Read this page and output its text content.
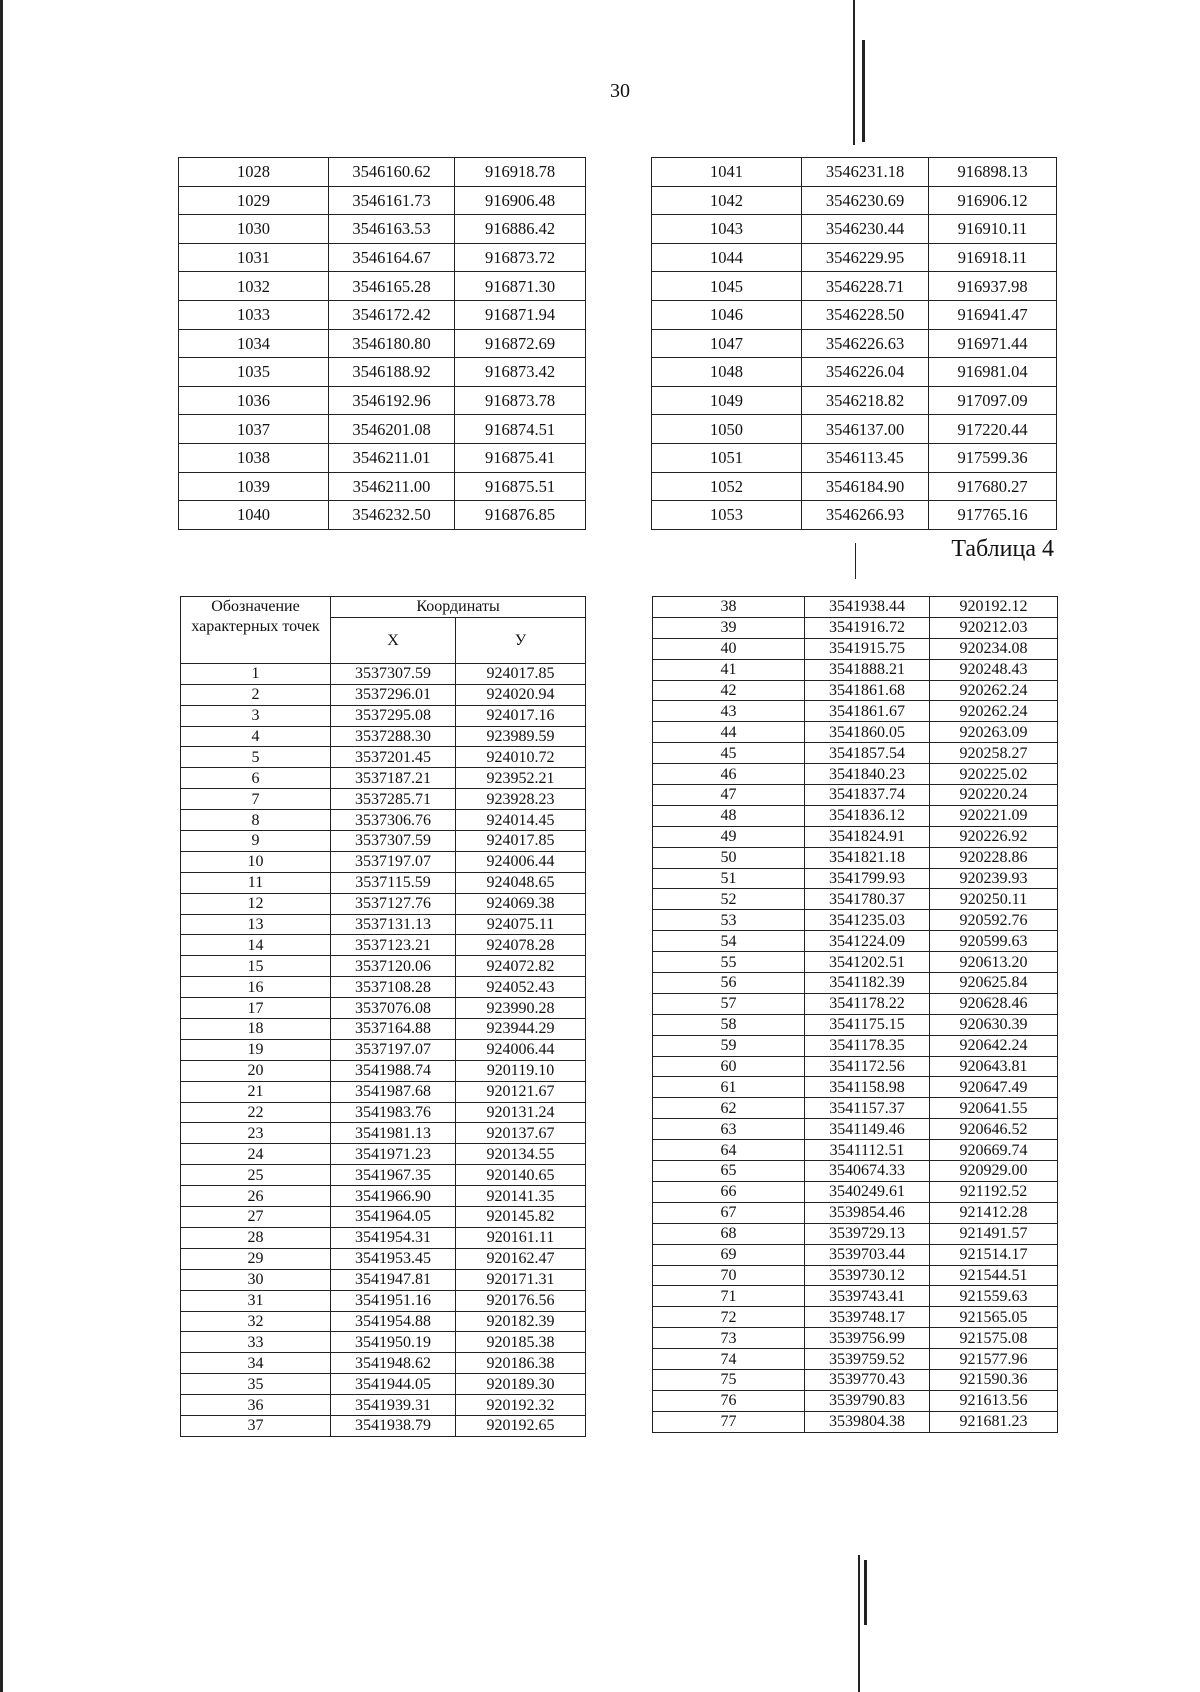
30
1028	3546160.62	916918.78
1029	3546161.73	916906.48
1030	3546163.53	916886.42
1031	3546164.67	916873.72
1032	3546165.28	916871.30
1033	3546172.42	916871.94
1034	3546180.80	916872.69
1035	3546188.92	916873.42
1036	3546192.96	916873.78
1037	3546201.08	916874.51
1038	3546211.01	916875.41
1039	3546211.00	916875.51
1040	3546232.50	916876.85
1041	3546231.18	916898.13
1042	3546230.69	916906.12
1043	3546230.44	916910.11
1044	3546229.95	916918.11
1045	3546228.71	916937.98
1046	3546228.50	916941.47
1047	3546226.63	916971.44
1048	3546226.04	916981.04
1049	3546218.82	917097.09
1050	3546137.00	917220.44
1051	3546113.45	917599.36
1052	3546184.90	917680.27
1053	3546266.93	917765.16
Таблица 4
Обозначение характерных точек	Координаты	
	X	У
1	3537307.59	924017.85
2	3537296.01	924020.94
3	3537295.08	924017.16
4	3537288.30	923989.59
5	3537201.45	924010.72
6	3537187.21	923952.21
7	3537285.71	923928.23
8	3537306.76	924014.45
9	3537307.59	924017.85
10	3537197.07	924006.44
11	3537115.59	924048.65
12	3537127.76	924069.38
13	3537131.13	924075.11
14	3537123.21	924078.28
15	3537120.06	924072.82
16	3537108.28	924052.43
17	3537076.08	923990.28
18	3537164.88	923944.29
19	3537197.07	924006.44
20	3541988.74	920119.10
21	3541987.68	920121.67
22	3541983.76	920131.24
23	3541981.13	920137.67
24	3541971.23	920134.55
25	3541967.35	920140.65
26	3541966.90	920141.35
27	3541964.05	920145.82
28	3541954.31	920161.11
29	3541953.45	920162.47
30	3541947.81	920171.31
31	3541951.16	920176.56
32	3541954.88	920182.39
33	3541950.19	920185.38
34	3541948.62	920186.38
35	3541944.05	920189.30
36	3541939.31	920192.32
37	3541938.79	920192.65
38	3541938.44	920192.12
39	3541916.72	920212.03
40	3541915.75	920234.08
41	3541888.21	920248.43
42	3541861.68	920262.24
43	3541861.67	920262.24
44	3541860.05	920263.09
45	3541857.54	920258.27
46	3541840.23	920225.02
47	3541837.74	920220.24
48	3541836.12	920221.09
49	3541824.91	920226.92
50	3541821.18	920228.86
51	3541799.93	920239.93
52	3541780.37	920250.11
53	3541235.03	920592.76
54	3541224.09	920599.63
55	3541202.51	920613.20
56	3541182.39	920625.84
57	3541178.22	920628.46
58	3541175.15	920630.39
59	3541178.35	920642.24
60	3541172.56	920643.81
61	3541158.98	920647.49
62	3541157.37	920641.55
63	3541149.46	920646.52
64	3541112.51	920669.74
65	3540674.33	920929.00
66	3540249.61	921192.52
67	3539854.46	921412.28
68	3539729.13	921491.57
69	3539703.44	921514.17
70	3539730.12	921544.51
71	3539743.41	921559.63
72	3539748.17	921565.05
73	3539756.99	921575.08
74	3539759.52	921577.96
75	3539770.43	921590.36
76	3539790.83	921613.56
77	3539804.38	921681.23
